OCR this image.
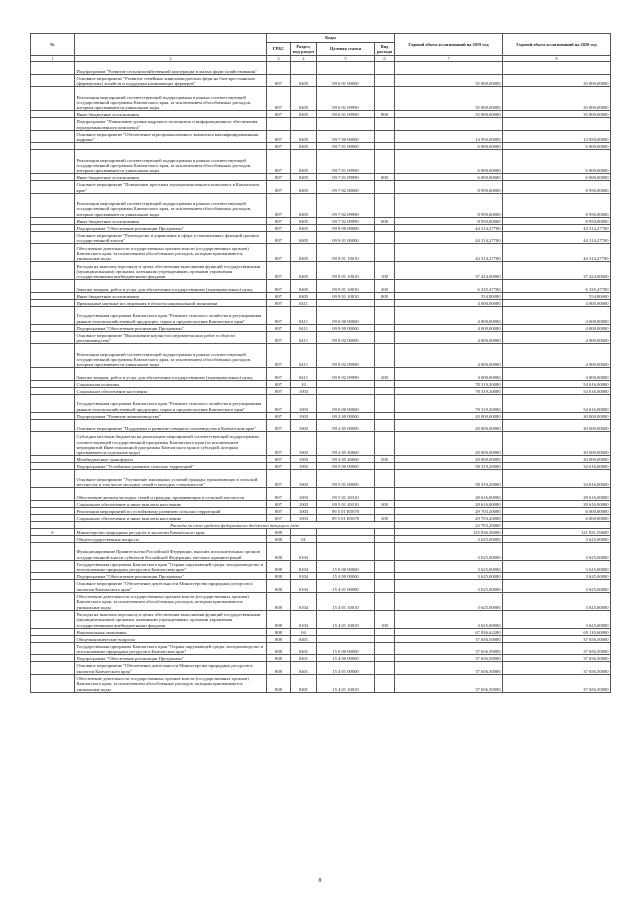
№		Коды				Годовой объем ассигнований на 2019 год	Годовой объем ассигнований на 2020 год
		ГРБС	Раздел, под-раздел	Целевая статья	Вид расхода		
1	2	3	4	5	6	7	8
	Подпрограмма "Развитие сельскохозяйственной кооперации и малых форм хозяйствования"						
	Основное мероприятие "Развитие семейных животноводческих ферм на базе крестьянских (фермерских) хозяйств и поддержка начинающих фермеров"	807	0405	09 6 01 00000		35 000,00000	35 000,00000
	Реализация мероприятий соответствующей подпрограммы в рамках соответствующей государственной программы Камчатского края, за исключением обособленных расходов, которым присваиваются уникальные коды	807	0405	09 6 01 09990		35 000,00000	35 000,00000
	Иные бюджетные ассигнования	807	0405	09 6 01 09990	800	35 000,00000	35 000,00000
	Подпрограмма "Повышение уровня кадрового потенциала и информационного обеспечения агропромышленного комплекса"						
	Основное мероприятие "Обеспечение агропромышленного комплекса квалифицированными кадрами"	807	0405	09 7 00 00000		14 950,00000	14 950,00000
		807	0405	09 7 01 00000		6 000,00000	6 000,00000
	Реализация мероприятий соответствующей подпрограммы в рамках соответствующей государственной программы Камчатского края, за исключением обособленных расходов, которым присваиваются уникальные коды	807	0405	09 7 01 09990		6 000,00000	6 000,00000
	Иные бюджетные ассигнования	807	0405	09 7 01 09990	800	6 000,00000	6 000,00000
	Основное мероприятие "Повышение престижа агропромышленного комплекса в Камчатском крае"	807	0405	09 7 02 00000		8 950,00000	8 950,00000
	Реализация мероприятий соответствующей подпрограммы в рамках соответствующей государственной программы Камчатского края, за исключением обособленных расходов, которым присваиваются уникальные коды	807	0405	09 7 02 09990		8 950,00000	8 950,00000
	Иные бюджетные ассигнования	807	0405	09 7 02 09990	800	8 950,00000	8 950,00000
	Подпрограмма "Обеспечение реализации Программы"	807	0405	09 9 00 00000		44 314,27700	44 314,27700
	Основное мероприятие "Руководство и управление в сфере установленных функций органов государственной власти"	807	0405	09 9 01 00000		44 314,27700	44 314,27700
	Обеспечение деятельности государственных органов власти (государственных органов) Камчатского края, за исключением обособленных расходов, которым присваиваются уникальные коды	807	0405	09 9 01 10010		44 314,27700	44 314,27700
	Расходы на выплаты персоналу в целях обеспечения выполнения функций государственными (муниципальными) органами, казенными учреждениями, органами управления государственными внебюджетными фондами	807	0405	09 9 01 10010	100	37 424,00000	37 424,00000
	Закупка товаров, работ и услуг для обеспечения государственных (муниципальных) нужд	807	0405	09 9 01 10010	200	6 335,47700	6 335,47700
	Иные бюджетные ассигнования	807	0405	09 9 01 10010	800	554,80000	554,80000
	Прикладные научные исследования в области национальной экономики	807	0411			4 000,00000	4 000,00000
	Государственная программа Камчатского края "Развитие сельского хозяйства и регулирования рынков сельскохозяйственной продукции, сырья и продовольствия Камчатского края"	807	0411	09 0 00 00000		4 000,00000	4 000,00000
	Подпрограмма "Обеспечение реализации Программы"	807	0411	09 9 00 00000		4 000,00000	4 000,00000
	Основное мероприятие "Выполнение научно-исследовательских работ в области растениеводства"	807	0411	09 9 02 00000		4 000,00000	4 000,00000
	Реализация мероприятий соответствующей подпрограммы в рамках соответствующей государственной программы Камчатского края, за исключением обособленных расходов, которым присваиваются уникальные коды	807	0411	09 9 02 09990		4 000,00000	4 000,00000
	Закупка товаров, работ и услуг для обеспечения государственных (муниципальных) нужд	807	0411	09 9 02 09990	200	4 000,00000	4 000,00000
	Социальная политика	807	10			78 319,20000	54 616,00000
	Социальное обеспечение населения	807	1003			78 319,20000	54 616,00000
	Государственная программа Камчатского края "Развитие сельского хозяйства и регулирования рынков сельскохозяйственной продукции, сырья и продовольствия Камчатского края"	807	1003	09 0 00 00000		78 319,20000	54 616,00000
	Подпрограмма "Развитие животноводства"	807	1003	09 2 00 00000		20 000,00000	20 000,00000
	Основное мероприятие "Поддержка и развитие северного оленеводства в Камчатском крае"	807	1003	09 2 05 00000		20 000,00000	20 000,00000
	Субсидии местным бюджетам на реализацию мероприятий соответствующей подпрограммы соответствующей государственной программы Камчатского края (за исключением мероприятий Инвестиционной программы Камчатского края и субсидий, которым присваиваются отдельные коды)	807	1003	09 2 05 40060		20 000,00000	20 000,00000
	Межбюджетные трансферты	807	1003	09 2 05 40060	500	20 000,00000	20 000,00000
	Подпрограмма "Устойчивое развитие сельских территорий"	807	1003	09 5 00 00000		58 319,20000	34 616,00000
	Основное мероприятие "Улучшение жилищных условий граждан, проживающих в сельской местности, в том числе молодых семей и молодых специалистов"	807	1003	09 5 01 00000		58 319,20000	34 616,00000
	Обеспечение жильем молодых семей и граждан, проживающих в сельской местности	807	1003	09 5 01 20310		28 616,00000	28 616,00000
	Социальное обеспечение и иные выплаты населению	807	1003	09 5 01 20310	300	28 616,00000	28 616,00000
	Реализация мероприятий по устойчивому развитию сельских территорий	807	1003	09 5 01 R5670		29 703,20000	6 000,00000
	Социальное обеспечение и иные выплаты населению	807	1003	09 5 01 R5670	300	29 703,20000	6 000,00000
	Расходы за счет средств федерального бюджета текущего года					23 703,20000	
6	Министерство природных ресурсов и экологии Камчатского края	808				125 836,36000	121 831,59600
	Общегосударственные вопросы	808	01			3 625,00000	3 625,00000
	Функционирование Правительства Российской Федерации, высших исполнительных органов государственной власти субъектов Российской Федерации, местных администраций	808	0104			3 625,00000	3 625,00000
	Государственная программа Камчатского края "Охрана окружающей среды, воспроизводство и использование природных ресурсов в Камчатском крае"	808	0104	15 0 00 00000		3 625,00000	3 625,00000
	Подпрограмма "Обеспечение реализации Программы"	808	0104	15 4 00 00000		3 625,00000	3 625,00000
	Основное мероприятие "Обеспечение деятельности Министерства природных ресурсов и экологии Камчатского края"	808	0104	15 4 01 00000		3 625,00000	3 625,00000
	Обеспечение деятельности государственных органов власти (государственных органов) Камчатского края, за исключением обособленных расходов, которым присваиваются уникальные коды	808	0104	15 4 01 10010		3 625,00000	3 625,00000
	Расходы на выплаты персоналу в целях обеспечения выполнения функций государственными (муниципальными) органами, казенными учреждениями, органами управления государственными внебюджетными фондами	808	0104	15 4 01 10010	100	3 625,00000	3 625,00000
	Национальная экономика	808	04			67 926,62200	69 110,60000
	Общеэкономические вопросы	808	0401			37 656,50000	37 656,50000
	Государственная программа Камчатского края "Охрана окружающей среды, воспроизводство и использование природных ресурсов в Камчатском крае"	808	0401	15 0 00 00000		37 656,50000	37 656,50000
	Подпрограмма "Обеспечение реализации Программы"	808	0401	15 4 00 00000		37 656,50000	37 656,50000
	Основное мероприятие "Обеспечение деятельности Министерства природных ресурсов и экологии Камчатского края"	808	0401	15 4 01 00000		37 656,50000	37 656,50000
	Обеспечение деятельности государственных органов власти (государственных органов) Камчатского края, за исключением обособленных расходов, которым присваиваются уникальные коды	808	0401	15 4 01 10010		37 656,50000	37 656,50000
8
